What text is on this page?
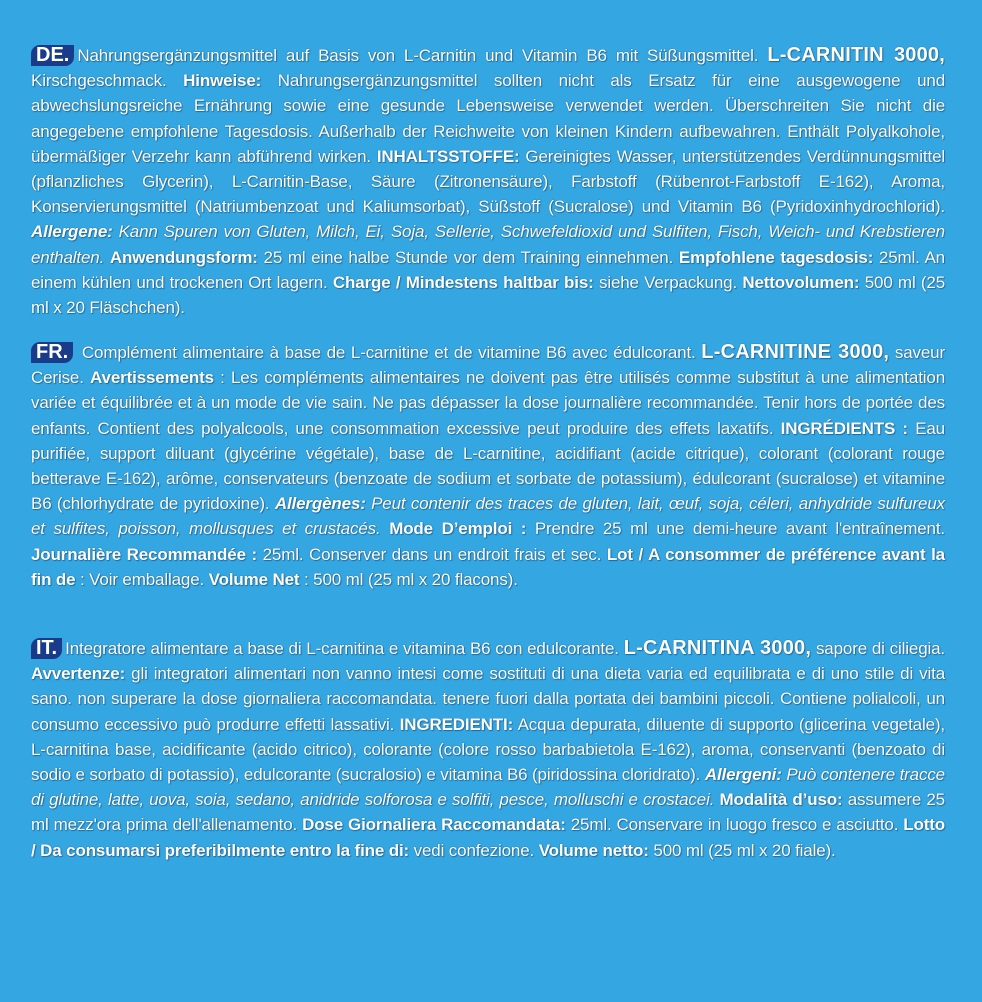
DE. Nahrungsergänzungsmittel auf Basis von L-Carnitin und Vitamin B6 mit Süßungsmittel. L-CARNITIN 3000, Kirschgeschmack. Hinweise: Nahrungsergänzungsmittel sollten nicht als Ersatz für eine ausgewogene und abwechslungsreiche Ernährung sowie eine gesunde Lebensweise verwendet werden. Überschreiten Sie nicht die angegebene empfohlene Tagesdosis. Außerhalb der Reichweite von kleinen Kindern aufbewahren. Enthält Polyalkohole, übermäßiger Verzehr kann abführend wirken. INHALTSSTOFFE: Gereinigtes Wasser, unterstützendes Verdünnungsmittel (pflanzliches Glycerin), L-Carnitin-Base, Säure (Zitronensäure), Farbstoff (Rübenrot-Farbstoff E-162), Aroma, Konservierungsmittel (Natriumbenzoat und Kaliumsorbat), Süßstoff (Sucralose) und Vitamin B6 (Pyridoxinhydrochlorid). Allergene: Kann Spuren von Gluten, Milch, Ei, Soja, Sellerie, Schwefeldioxid und Sulfiten, Fisch, Weich- und Krebstieren enthalten. Anwendungsform: 25 ml eine halbe Stunde vor dem Training einnehmen. Empfohlene tagesdosis: 25ml. An einem kühlen und trockenen Ort lagern. Charge / Mindestens haltbar bis: siehe Verpackung. Nettovolumen: 500 ml (25 ml x 20 Fläschchen).
FR. Complément alimentaire à base de L-carnitine et de vitamine B6 avec édulcorant. L-CARNITINE 3000, saveur Cerise. Avertissements : Les compléments alimentaires ne doivent pas être utilisés comme substitut à une alimentation variée et équilibrée et à un mode de vie sain. Ne pas dépasser la dose journalière recommandée. Tenir hors de portée des enfants. Contient des polyalcools, une consommation excessive peut produire des effets laxatifs. INGRÉDIENTS : Eau purifiée, support diluant (glycérine végétale), base de L-carnitine, acidifiant (acide citrique), colorant (colorant rouge betterave E-162), arôme, conservateurs (benzoate de sodium et sorbate de potassium), édulcorant (sucralose) et vitamine B6 (chlorhydrate de pyridoxine). Allergènes: Peut contenir des traces de gluten, lait, œuf, soja, céleri, anhydride sulfureux et sulfites, poisson, mollusques et crustacés. Mode D’emploi : Prendre 25 ml une demi-heure avant l'entraînement. Journalière Recommandée : 25ml. Conserver dans un endroit frais et sec. Lot / A consommer de préférence avant la fin de : Voir emballage. Volume Net : 500 ml (25 ml x 20 flacons).
IT. Integratore alimentare a base di L-carnitina e vitamina B6 con edulcorante. L-CARNITINA 3000, sapore di ciliegia. Avvertenze: gli integratori alimentari non vanno intesi come sostituti di una dieta varia ed equilibrata e di uno stile di vita sano. non superare la dose giornaliera raccomandata. tenere fuori dalla portata dei bambini piccoli. Contiene polialcoli, un consumo eccessivo può produrre effetti lassativi. INGREDIENTI: Acqua depurata, diluente di supporto (glicerina vegetale), L-carnitina base, acidificante (acido citrico), colorante (colore rosso barbabietola E-162), aroma, conservanti (benzoato di sodio e sorbato di potassio), edulcorante (sucralosio) e vitamina B6 (piridossina cloridrato). Allergeni: Può contenere tracce di glutine, latte, uova, soia, sedano, anidride solforosa e solfiti, pesce, molluschi e crostacei. Modalità d’uso: assumere 25 ml mezz'ora prima dell'allenamento. Dose Giornaliera Raccomandata: 25ml. Conservare in luogo fresco e asciutto. Lotto / Da consumarsi preferibilmente entro la fine di: vedi confezione. Volume netto: 500 ml (25 ml x 20 fiale).
